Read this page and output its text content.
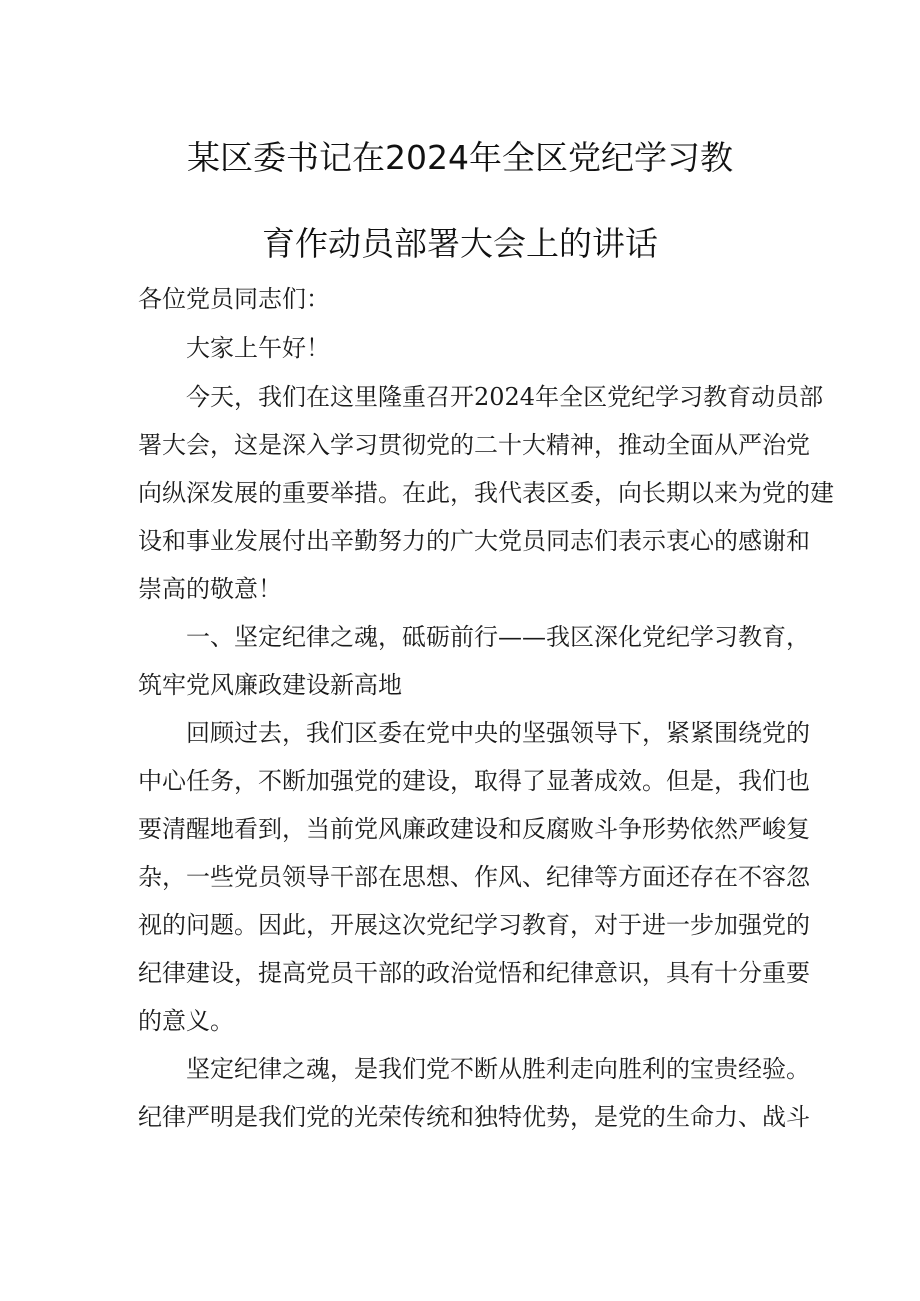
某区委书记在2024年全区党纪学习教
育作动员部署大会上的讲话
各位党员同志们：
大家上午好！
今天，我们在这里隆重召开2024年全区党纪学习教育动员部
署大会，这是深入学习贯彻党的二十大精神，推动全面从严治党
向纵深发展的重要举措。在此，我代表区委，向长期以来为党的建
设和事业发展付出辛勤努力的广大党员同志们表示衷心的感谢和
崇高的敬意！
一、坚定纪律之魂，砥砺前行——我区深化党纪学习教育，
筑牢党风廉政建设新高地
回顾过去，我们区委在党中央的坚强领导下，紧紧围绕党的
中心任务，不断加强党的建设，取得了显著成效。但是，我们也
要清醒地看到，当前党风廉政建设和反腐败斗争形势依然严峻复
杂，一些党员领导干部在思想、作风、纪律等方面还存在不容忽
视的问题。因此，开展这次党纪学习教育，对于进一步加强党的
纪律建设，提高党员干部的政治觉悟和纪律意识，具有十分重要
的意义。
坚定纪律之魂，是我们党不断从胜利走向胜利的宝贵经验。
纪律严明是我们党的光荣传统和独特优势，是党的生命力、战斗
